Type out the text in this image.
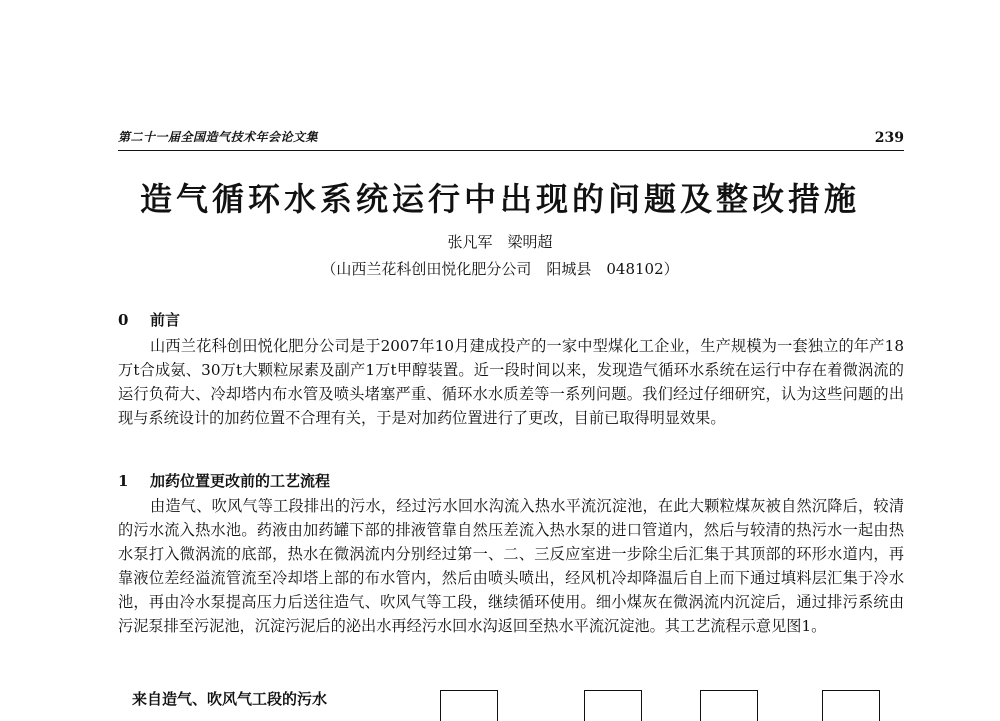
第二十一届全国造气技术年会论文集	239
造气循环水系统运行中出现的问题及整改措施
张凡军　梁明超
（山西兰花科创田悦化肥分公司　阳城县　048102）
0 前言

山西兰花科创田悦化肥分公司是于2007年10月建成投产的一家中型煤化工企业，生产规模为一套独立的年产18万t合成氨、30万t大颗粒尿素及副产1万t甲醇装置。近一段时间以来，发现造气循环水系统在运行中存在着微涡流的运行负荷大、冷却塔内布水管及喷头堵塞严重、循环水水质差等一系列问题。我们经过仔细研究，认为这些问题的出现与系统设计的加药位置不合理有关，于是对加药位置进行了更改，目前已取得明显效果。

1 加药位置更改前的工艺流程

由造气、吹风气等工段排出的污水，经过污水回水沟流入热水平流沉淀池，在此大颗粒煤灰被自然沉降后，较清的污水流入热水池。药液由加药罐下部的排液管靠自然压差流入热水泵的进口管道内，然后与较清的热污水一起由热水泵打入微涡流的底部，热水在微涡流内分别经过第一、二、三反应室进一步除尘后汇集于其顶部的环形水道内，再靠液位差经溢流管流至冷却塔上部的布水管内，然后由喷头喷出，经风机冷却降温后自上而下通过填料层汇集于冷水池，再由冷水泵提高压力后送往造气、吹风气等工段，继续循环使用。细小煤灰在微涡流内沉淀后，通过排污系统由污泥泵排至污泥池，沉淀污泥后的泌出水再经污水回水沟返回至热水平流沉淀池。其工艺流程示意见图1。

来自造气、吹风气工段的污水
